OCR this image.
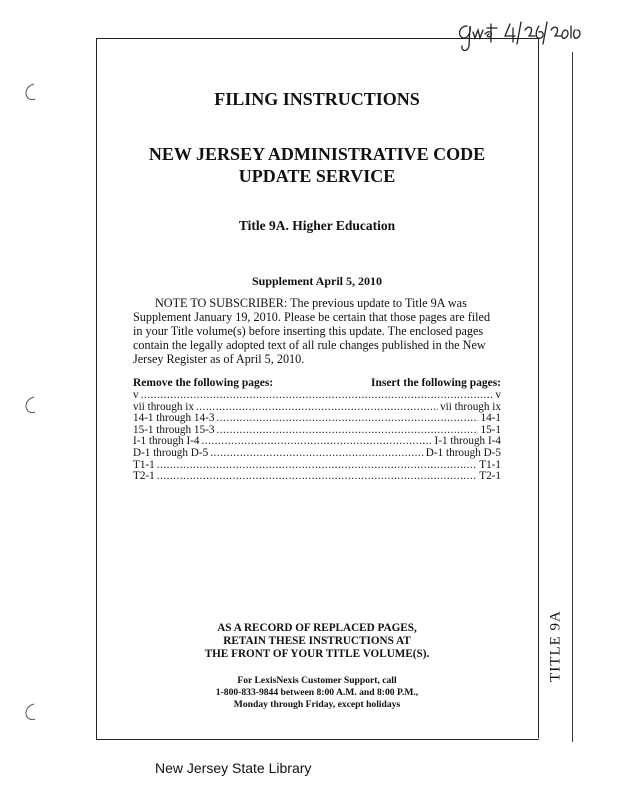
TITLE 9A
FILING INSTRUCTIONS
NEW JERSEY ADMINISTRATIVE CODE
UPDATE SERVICE
Title 9A. Higher Education
Supplement April 5, 2010
NOTE TO SUBSCRIBER: The previous update to Title 9A was
Supplement January 19, 2010. Please be certain that those pages are filed
in your Title volume(s) before inserting this update. The enclosed pages
contain the legally adopted text of all rule changes published in the New
Jersey Register as of April 5, 2010.
Remove the following pages:	Insert the following pages:
v .....	v
vii through ix .....	vii through ix
14-1 through 14-3 .....	14-1
15-1 through 15-3 .....	15-1
I-1 through I-4 .....	I-1 through I-4
D-1 through D-5 .....	D-1 through D-5
T1-1 .....	T1-1
T2-1 .....	T2-1
AS A RECORD OF REPLACED PAGES,
RETAIN THESE INSTRUCTIONS AT
THE FRONT OF YOUR TITLE VOLUME(S).
For LexisNexis Customer Support, call
1-800-833-9844 between 8:00 A.M. and 8:00 P.M.,
Monday through Friday, except holidays
New Jersey State Library
